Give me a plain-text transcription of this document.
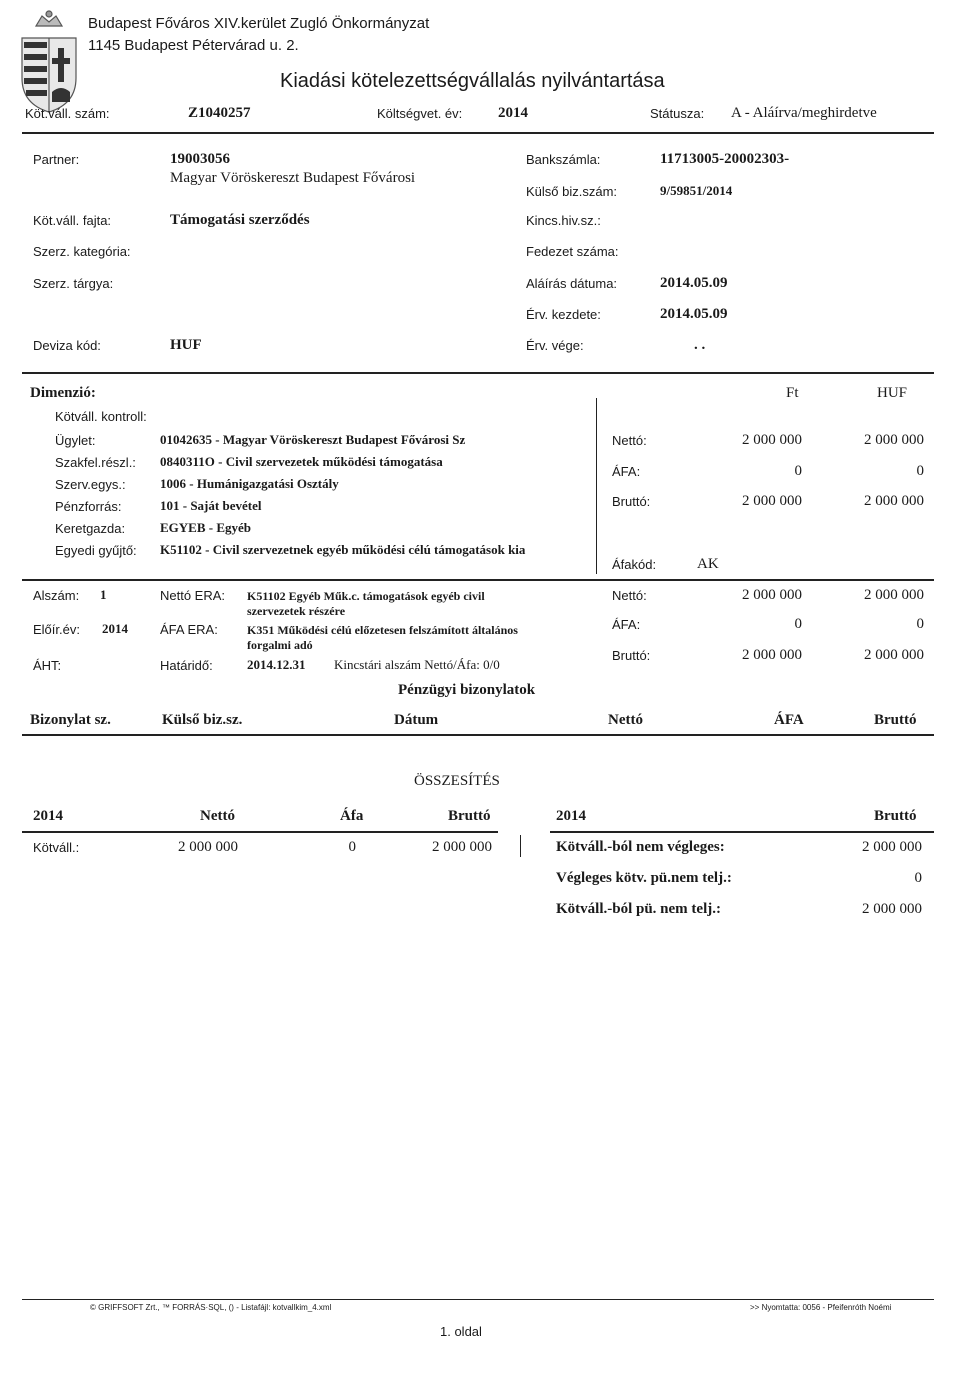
Budapest Főváros XIV.kerület Zugló Önkormányzat
1145 Budapest Pétervárad u. 2.
Kiadási kötelezettségvállalás nyilvántartása
Köt.váll. szám:	Z1040257	Költségvet. év: 2014	Státusza: A - Aláírva/meghirdetve
Partner:	19003056
Magyar Vöröskereszt Budapest Fővárosi
Bankszámla:	11713005-20002303-
Külső biz.szám:	9/59851/2014
Köt.váll. fajta:	Támogatási szerződés	Kincs.hiv.sz.:
Szerz. kategória:	Fedezet száma:
Szerz. tárgya:	Aláírás dátuma:	2014.05.09
Érv. kezdete:	2014.05.09
Deviza kód:	HUF	Érv. vége:	. .
Dimenzió:	Ft	HUF
Kötváll. kontroll:
Ügylet:	01042635 - Magyar Vöröskereszt Budapest Fővárosi Sz
Szakfel.részl.: 0840311O - Civil szervezetek működési támogatása
Szerv.egys.:	1006 - Humánigazgatási Osztály
Pénzforrás:	101 - Saját bevétel
Keretgazda:	EGYEB - Egyéb
Egyedi gyűjtő: K51102 - Civil szervezetnek egyéb működési célú támogatások kia
Nettó:	2 000 000	2 000 000
ÁFA:	0	0
Bruttó:	2 000 000	2 000 000
Áfakód:	AK
Alszám: 1
Előír.év: 2014
ÁHT:
Nettó ERA: K51102 Egyéb Műk.c. támogatások egyéb civil
szervezetek részére
ÁFA ERA: K351 Működési célú előzetesen felszámított általános
forgalmi adó
Határidő:	2014.12.31 Kincstári alszám Nettó/Áfa: 0/0
Nettó:	2 000 000	2 000 000
ÁFA:	0	0
Bruttó:	2 000 000	2 000 000
Pénzügyi bizonylatok
Bizonylat sz.	Külső biz.sz.	Dátum	Nettó	ÁFA	Bruttó
ÖSSZESÍTÉS
2014	Nettó	Áfa	Bruttó	2014	Bruttó
Kötváll.:	2 000 000	0	2 000 000	Kötváll.-ból nem végleges:	2 000 000
Végleges kötv. pü.nem telj.:	0
Kötváll.-ból pü. nem telj.:	2 000 000
© GRIFFSOFT Zrt., ™ FORRÁS·SQL, () - Listafájl: kotvallkim_4.xml	>> Nyomtatta: 0056 - Pfeifenróth Noémi
1. oldal
